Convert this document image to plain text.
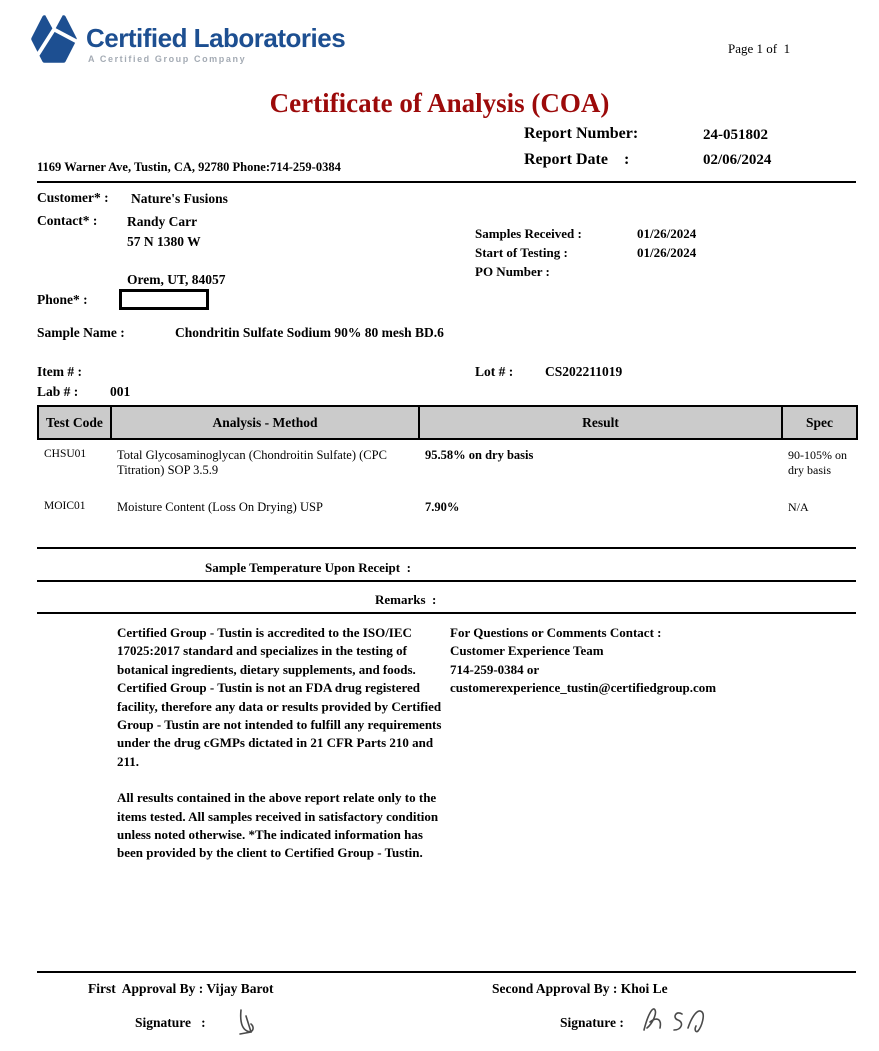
Certified Laboratories
A Certified Group Company
Page 1 of  1
Certificate of Analysis (COA)
Report Number:	24-051802
Report Date    :	02/06/2024
1169 Warner Ave, Tustin, CA, 92780 Phone:714-259-0384
Customer* : Nature's Fusions
Contact* : Randy Carr
57 N 1380 W
Orem, UT, 84057
Phone* :
Samples Received :	01/26/2024
Start of Testing :	01/26/2024
PO Number :
Sample Name :	Chondritin Sulfate Sodium 90% 80 mesh BD.6
Item # :	Lot # : CS202211019
Lab # : 001
Test Code	Analysis - Method	Result	Spec
CHSU01	Total Glycosaminoglycan (Chondroitin Sulfate) (CPC Titration) SOP 3.5.9	95.58% on dry basis	90-105% on dry basis
MOIC01	Moisture Content (Loss On Drying) USP	7.90%	N/A
Sample Temperature Upon Receipt  :
Remarks  :

Certified Group - Tustin is accredited to the ISO/IEC 17025:2017 standard and specializes in the testing of botanical ingredients, dietary supplements, and foods. Certified Group - Tustin is not an FDA drug registered facility, therefore any data or results provided by Certified Group - Tustin are not intended to fulfill any requirements under the drug cGMPs dictated in 21 CFR Parts 210 and 211.

All results contained in the above report relate only to the items tested. All samples received in satisfactory condition unless noted otherwise. *The indicated information has been provided by the client to Certified Group - Tustin.

For Questions or Comments Contact :
Customer Experience Team
714-259-0384 or
customerexperience_tustin@certifiedgroup.com
First  Approval By : Vijay Barot	Second Approval By : Khoi Le
Signature   :	Signature :
